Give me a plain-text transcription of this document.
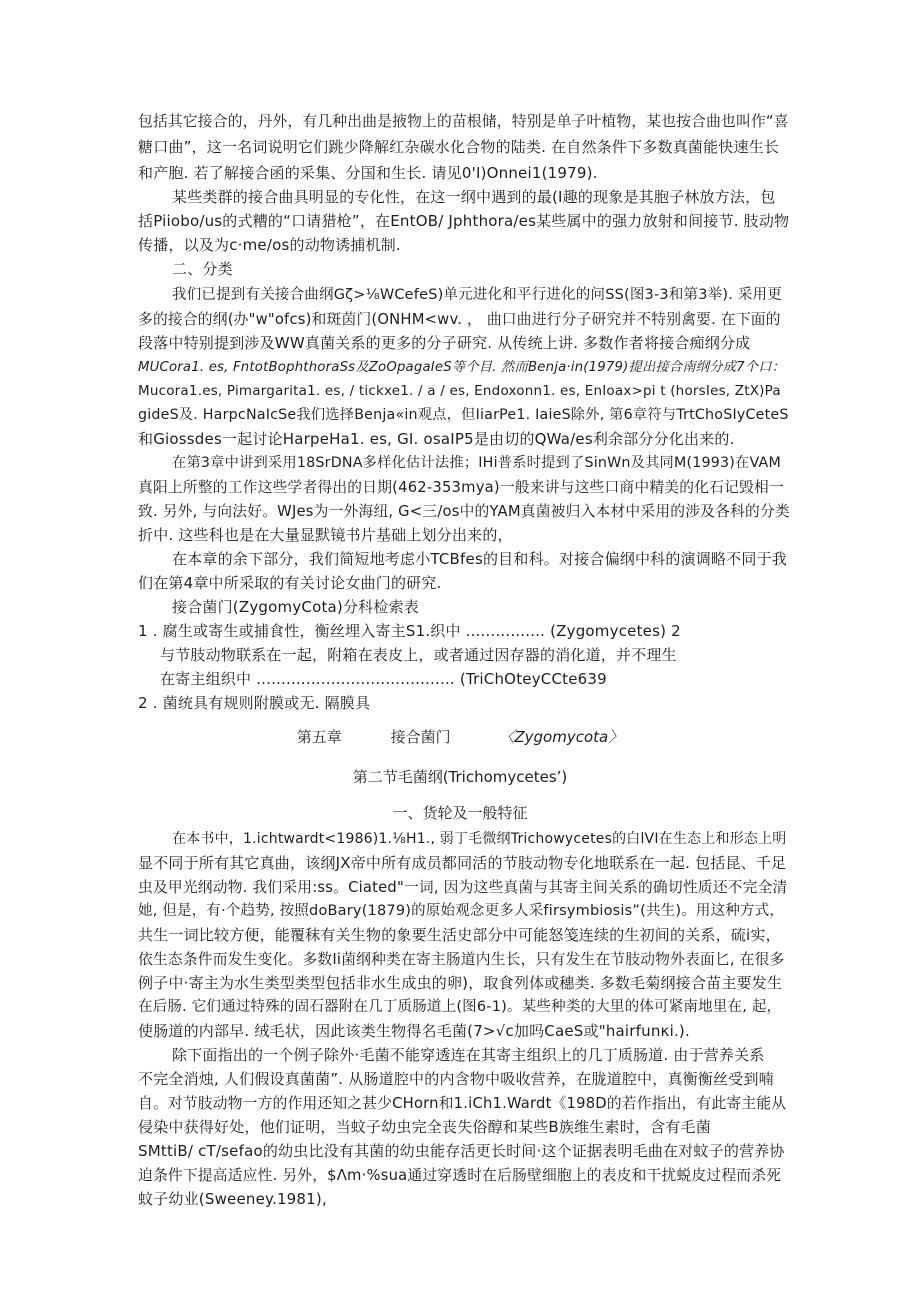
包括其它接合的，丹外，有几种出曲是掖物上的苗根储，特别是单子叶植物，某也按合曲也叫作“喜
糖口曲”，这一名词说明它们跳少降解红杂碳水化合物的陆类. 在自然条件下多数真菌能快速生长
和产胞. 若了解接合函的采集、分国和生长. 请见0'I)Onnei1(1979).
某些类群的接合曲具明显的专化性，在这一纲中遇到的最(I趣的现象是其胞子林放方法，包
括Piiobo/us的式糟的“口请猎枪”，在EntOB/ Jphthora/es某些属中的强力放射和间接节. 肢动物
传播，以及为c·me/os的动物诱捕机制.
二、分类
我们已提到有关接合曲纲Gζ>⅛WCefeS)单元进化和平行进化的问SS(图3-3和第3举). 采用更
多的接合的纲(办"w"ofcs)和斑茵门(ONHM<wv. ， 曲口曲进行分子研究并不特别禽要. 在下面的
段落中特别提到涉及WW真菌关系的更多的分子研究. 从传统上讲. 多数作者将接合痴纲分成
MUCora1. es, FntotBophthoraSs及ZoOpagaIeS等个目. 然而Benja·in(1979)提出接合南纲分成7个口：
Mucora1.es, Pimargarita1. es, / tickxe1. / a / es, Endoxonn1. es, EnIoax>pi t (horsIes, ZtX)Pa
gideS及. HarpcNaIcSe我们选择Benja«in观点，但IiarPe1. IaieS除外, 第6章符与TrtChoSIyCeteS
和Giossdes一起讨论HarpeHa1. es, GI. osaIP5是由切的QWa/es利余部分分化出来的.
在第3章中讲到采用18SrDNA多样化估计法推；IHi普系时提到了SinWn及其同M(1993)在VAM
真阳上所整的工作这些学者得出的日期(462-353mya)一般来讲与这些口商中精美的化石记毁相一
致. 另外, 与向法好。WJes为一外海纽, G<三/os中的YAM真菌被归入本材中采用的涉及各科的分类
折中. 这些科也是在大量显默镜书片基础上划分出来的，
在本章的余下部分，我们简短地考虑小TCBfes的目和科。对接合偏纲中科的演调略不同于我
们在第4章中所采取的有关讨论女曲门的研究.
接合菌门(ZygomyCota)分科检索表
1 . 腐生或寄生或捕食性，衡丝埋入寄主S1.织中 ................ (Zygomycetes) 2
与节肢动物联系在一起，附箱在表皮上，或者通过因存器的消化道，并不理生
在寄主组织中 ........................................ (TriChOteyCCte639
2 . 菌统具有规则附膜或无. 隔膜具
第五章	接合菌门	〈Zygomycota〉
第二节毛菌纲(Trichomycetes’)
一、货轮及一般特征
在本书中，1.ichtwardt<1986)1.⅛H1., 弱丁毛微纲Trichowycetes的白lVI在生态上和形态上明
显不同于所有其它真曲，该纲JX帝中所有成员都同活的节肢动物专化地联系在一起. 包括昆、千足
虫及甲光纲动物. 我们采用:ss。Ciated"一词, 因为这些真菌与其寄主间关系的确切性质还不完全清
她, 但是，有·个趋势, 按照doBary(1879)的原始观念更多人采firsymbiosis”(共生)。用这种方式，
共生一词比较方便，能覆秣有关生物的象要生活史部分中可能怒笺连续的生初间的关系，硫i实，
依生态条件而发生变化。多数Ii菌纲种类在寄主肠道内生长，只有发生在节肢动物外表面匕, 在很多
例子中·寄主为水生类型类型包括非水生成虫的卵)，取食列体或穗类. 多数毛菊纲接合苗主要发生
在后肠. 它们通过特殊的固石器附在几丁质肠道上(图6-1)。某些种类的大里的体可紧南地里在, 起，
使肠道的内部早. 绒毛状，因此该类生物得名毛菌(7>√c加吗CaeS或"hairfunκi.).
除下面指出的一个例子除外·毛菌不能穿透连在其寄主组织上的几丁质肠道. 由于营养关系
不完全消烛, 人们假设真菌菌”. 从肠道腔中的内含物中吸收营养，在胧道腔中，真衡衡丝受到喃
自。对节肢动物一方的作用还知之甚少CHorn和1.iCh1.Wardt《198D的若作指出，有此寄主能从
侵染中获得好处，他们证明，当蚊子幼虫完全丧失俗醇和某些B族维生素时，含有毛菌
SMttiB/ cT/sefao的幼虫比没有其菌的幼虫能存活更长时间·这个证据表明毛曲在对蚊子的营养协
迫条件下提高适应性. 另外，$Λm·%sua通过穿透时在后肠壁细胞上的表皮和干扰蜕皮过程而杀死
蚊子幼业(Sweeney.1981),
